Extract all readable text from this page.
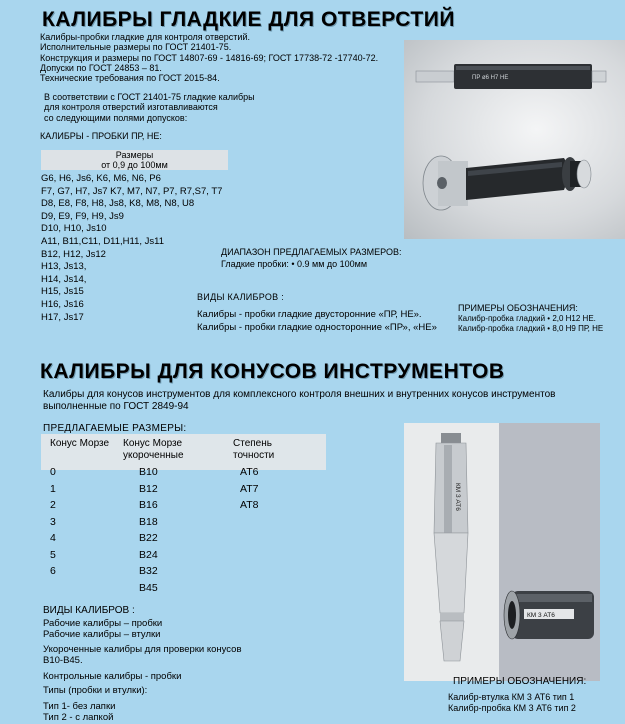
КАЛИБРЫ ГЛАДКИЕ ДЛЯ ОТВЕРСТИЙ
Калибры-пробки гладкие для контроля отверстий.
Исполнительные размеры по ГОСТ 21401-75.
Конструкция и размеры по ГОСТ 14807-69 - 14816-69; ГОСТ 17738-72 -17740-72.
Допуски по ГОСТ 24853 – 81.
Технические требования по ГОСТ 2015-84.
В соответствии с ГОСТ 21401-75 гладкие калибры
для контроля отверстий изготавливаются
со следующими полями допусков:
КАЛИБРЫ - ПРОБКИ ПР, НЕ:
Размеры
от 0,9 до 100мм
G6, H6, Js6, K6, M6, N6, P6
F7, G7, H7, Js7 K7, M7, N7, P7, R7,S7, T7
D8, E8, F8, H8, Js8, K8, M8, N8, U8
D9, E9, F9, H9, Js9
D10, H10, Js10
A11, B11,C11, D11,H11, Js11
B12, H12, Js12
H13, Js13,
H14, Js14,
H15, Js15
H16, Js16
H17, Js17
ДИАПАЗОН ПРЕДЛАГАЕМЫХ РАЗМЕРОВ:
Гладкие пробки: • 0.9 мм до 100мм
ВИДЫ КАЛИБРОВ :
Калибры - пробки гладкие двусторонние «ПР, НЕ».
Калибры - пробки гладкие односторонние «ПР», «НЕ»
ПРИМЕРЫ ОБОЗНАЧЕНИЯ:
Калибр-пробка гладкий • 2,0 H12 НЕ.
Калибр-пробка гладкий • 8,0 H9 ПР, НЕ
ПР ø6 H7 НЕ
КАЛИБРЫ ДЛЯ КОНУСОВ ИНСТРУМЕНТОВ
Калибры для конусов инструментов для комплексного контроля внешних и внутренних конусов инструментов
выполненные по ГОСТ 2849-94
ПРЕДЛАГАЕМЫЕ РАЗМЕРЫ:
Конус Морзе Конус Морзе
укороченные
Степень
точности
0
1
2
3
4
5
6
B10
B12
B16
B18
B22
B24
B32
B45
AT6
AT7
AT8
ВИДЫ КАЛИБРОВ :
Рабочие калибры – пробки
Рабочие калибры – втулки
Укороченные калибры для проверки конусов
B10-B45.
Контрольные калибры - пробки
Типы (пробки и втулки):
Тип 1- без лапки
Тип 2 - с лапкой
КМ 3 АТ6
КМ 3 АТ6
ПРИМЕРЫ ОБОЗНАЧЕНИЯ:
Калибр-втулка КМ 3 АТ6 тип 1
Калибр-пробка КМ 3 АТ6 тип 2
